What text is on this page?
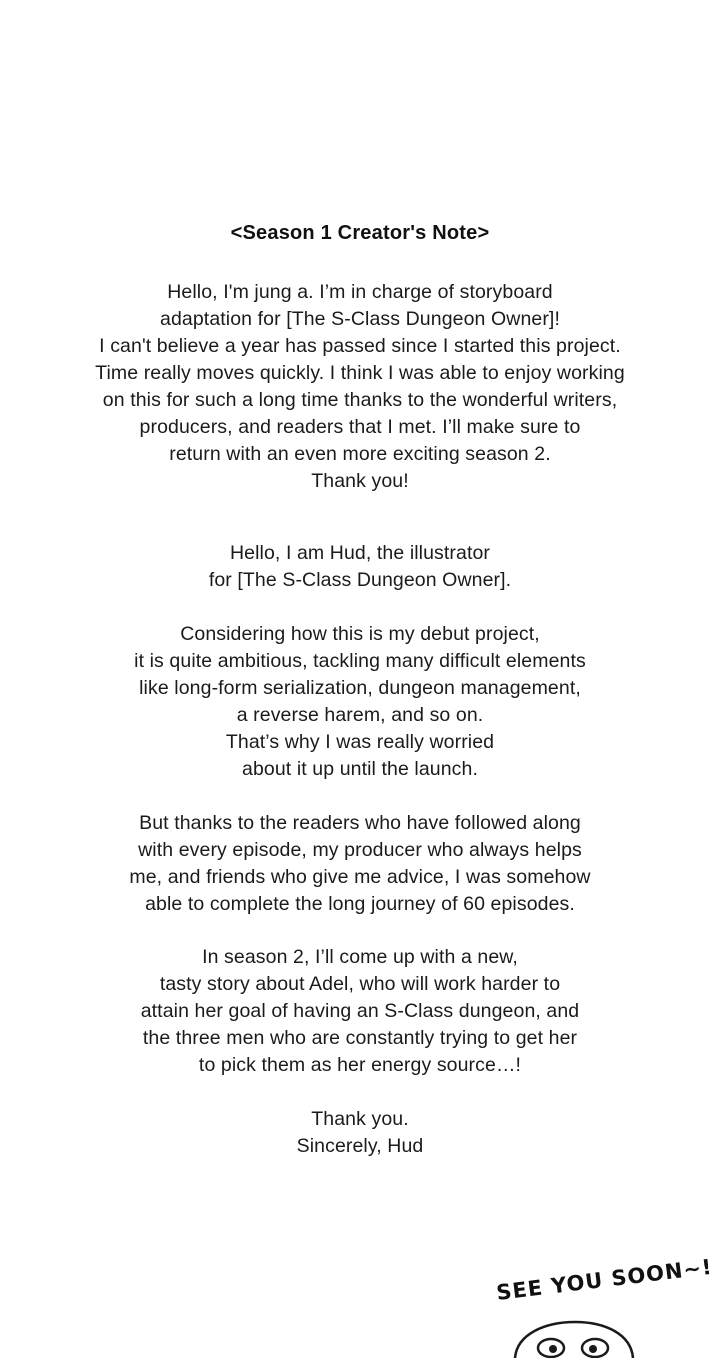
<Season 1 Creator's Note>
Hello, I'm jung a. I’m in charge of storyboard
adaptation for [The S-Class Dungeon Owner]!
I can't believe a year has passed since I started this project.
Time really moves quickly. I think I was able to enjoy working
on this for such a long time thanks to the wonderful writers,
producers, and readers that I met. I’ll make sure to
return with an even more exciting season 2.
Thank you!
Hello, I am Hud, the illustrator
for [The S-Class Dungeon Owner].
Considering how this is my debut project,
it is quite ambitious, tackling many difficult elements
like long-form serialization, dungeon management,
a reverse harem, and so on.
That’s why I was really worried
about it up until the launch.
But thanks to the readers who have followed along
with every episode, my producer who always helps
me, and friends who give me advice, I was somehow
able to complete the long journey of 60 episodes.
In season 2, I’ll come up with a new,
tasty story about Adel, who will work harder to
attain her goal of having an S-Class dungeon, and
the three men who are constantly trying to get her
to pick them as her energy source…!
Thank you.
Sincerely, Hud
SEE YOU SOON~!
